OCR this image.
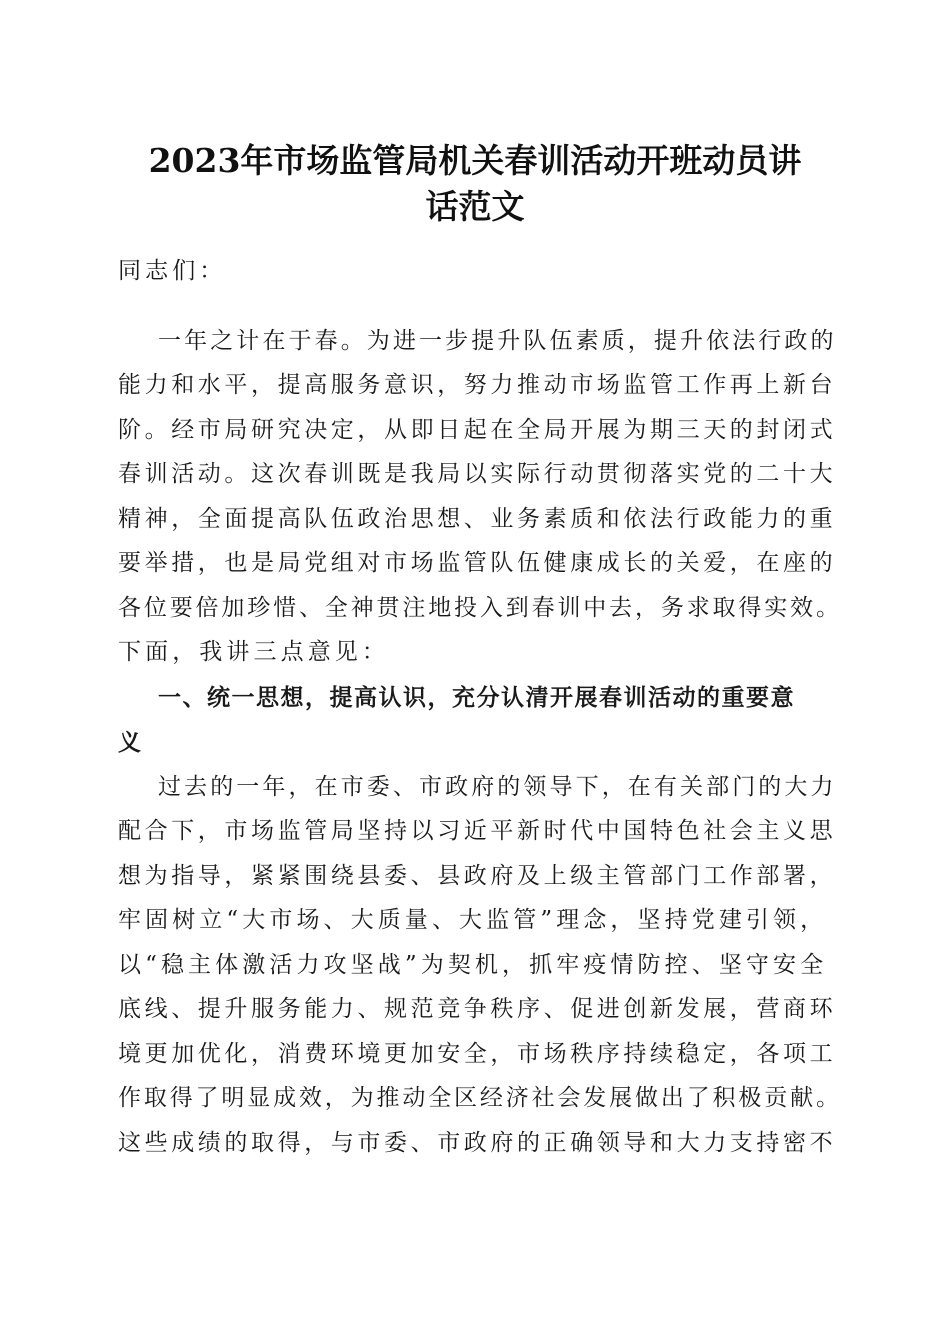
2023年市场监管局机关春训活动开班动员讲
话范文
同志们：
一年之计在于春。为进一步提升队伍素质，提升依法行政的
能力和水平，提高服务意识，努力推动市场监管工作再上新台
阶。经市局研究决定，从即日起在全局开展为期三天的封闭式
春训活动。这次春训既是我局以实际行动贯彻落实党的二十大
精神，全面提高队伍政治思想、业务素质和依法行政能力的重
要举措，也是局党组对市场监管队伍健康成长的关爱，在座的
各位要倍加珍惜、全神贯注地投入到春训中去，务求取得实效。
下面，我讲三点意见：
一、统一思想，提高认识，充分认清开展春训活动的重要意
义
过去的一年，在市委、市政府的领导下，在有关部门的大力
配合下，市场监管局坚持以习近平新时代中国特色社会主义思
想为指导，紧紧围绕县委、县政府及上级主管部门工作部署，
牢固树立“大市场、大质量、大监管”理念，坚持党建引领，
以“稳主体激活力攻坚战”为契机，抓牢疫情防控、坚守安全
底线、提升服务能力、规范竞争秩序、促进创新发展，营商环
境更加优化，消费环境更加安全，市场秩序持续稳定，各项工
作取得了明显成效，为推动全区经济社会发展做出了积极贡献。
这些成绩的取得，与市委、市政府的正确领导和大力支持密不
